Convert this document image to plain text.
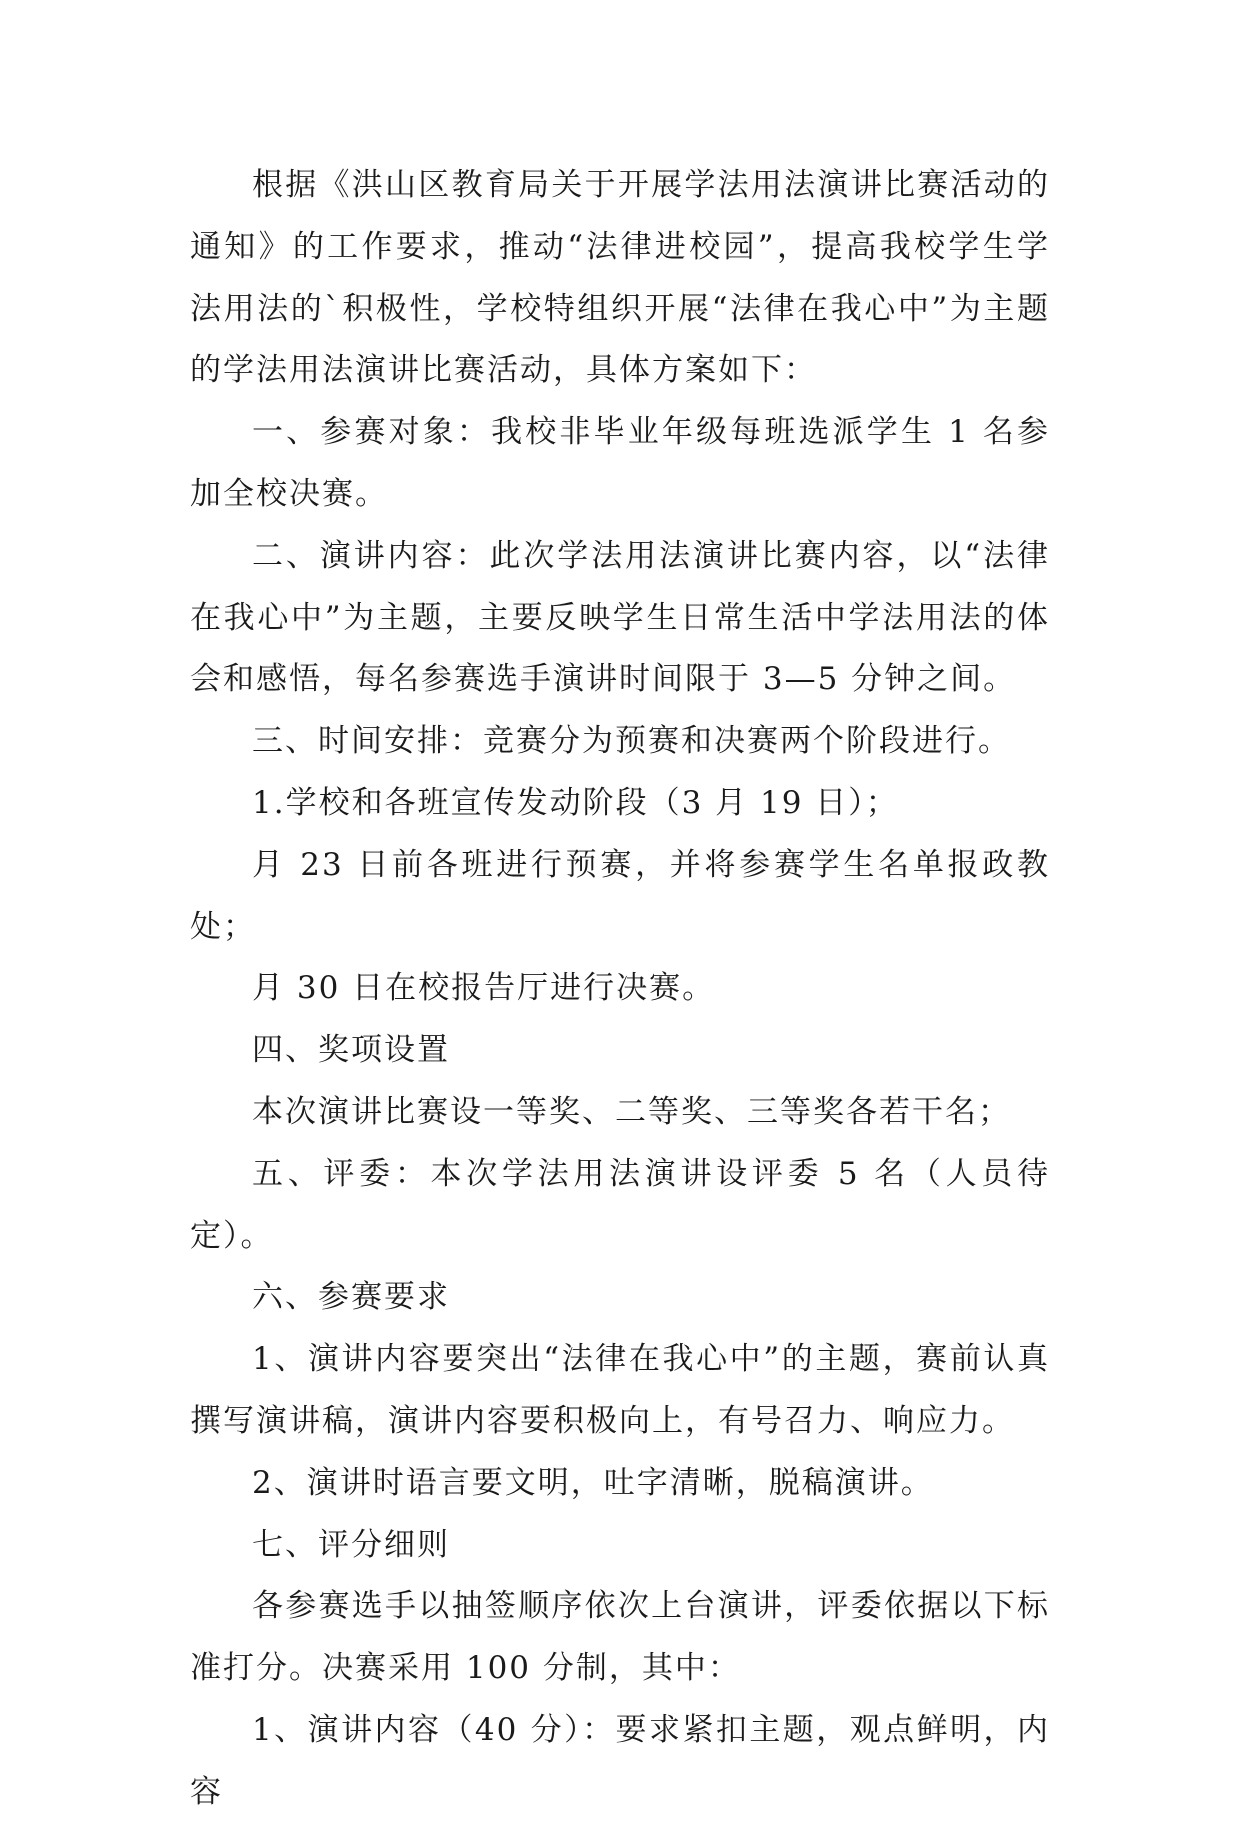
根据《洪山区教育局关于开展学法用法演讲比赛活动的通知》的工作要求，推动“法律进校园”，提高我校学生学法用法的`积极性，学校特组织开展“法律在我心中”为主题的学法用法演讲比赛活动，具体方案如下：

一、参赛对象：我校非毕业年级每班选派学生 1 名参加全校决赛。

二、演讲内容：此次学法用法演讲比赛内容，以“法律在我心中”为主题，主要反映学生日常生活中学法用法的体会和感悟，每名参赛选手演讲时间限于 3—5 分钟之间。

三、时间安排：竞赛分为预赛和决赛两个阶段进行。

1.学校和各班宣传发动阶段（3 月 19 日）；

月 23 日前各班进行预赛，并将参赛学生名单报政教处；

月 30 日在校报告厅进行决赛。

四、奖项设置

本次演讲比赛设一等奖、二等奖、三等奖各若干名；

五、评委：本次学法用法演讲设评委 5 名（人员待定）。

六、参赛要求

1、演讲内容要突出“法律在我心中”的主题，赛前认真撰写演讲稿，演讲内容要积极向上，有号召力、响应力。

2、演讲时语言要文明，吐字清晰，脱稿演讲。

七、评分细则

各参赛选手以抽签顺序依次上台演讲，评委依据以下标准打分。决赛采用 100 分制，其中：

1、演讲内容（40 分）：要求紧扣主题，观点鲜明，内容
